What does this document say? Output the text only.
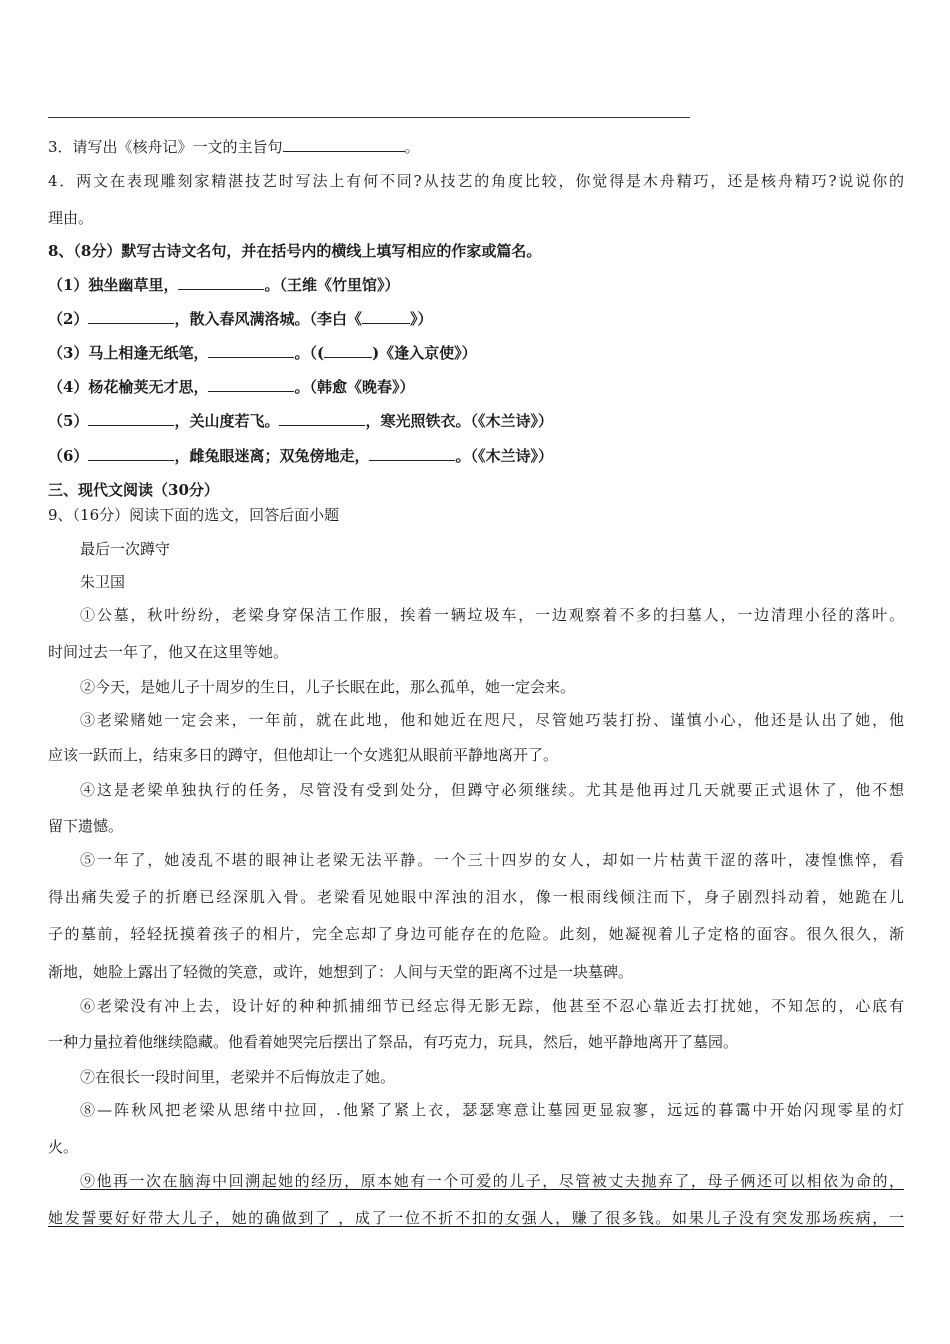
3．请写出《核舟记》一文的主旨句	。
4．两文在表现雕刻家精湛技艺时写法上有何不同?从技艺的角度比较，你觉得是木舟精巧，还是核舟精巧?说说你的
理由。
8、（8分）默写古诗文名句，并在括号内的横线上填写相应的作家或篇名。
（1）独坐幽草里，	。（王维《竹里馆》）
（2）	，散入春风满洛城。（李白《	》）
（3）马上相逢无纸笔，	。（(	)《逢入京使》）
（4）杨花榆荚无才思，	。（韩愈《晚春》）
（5）	，关山度若飞。	，寒光照铁衣。（《木兰诗》）
（6）	，雌兔眼迷离；双兔傍地走，	。（《木兰诗》）
三、现代文阅读（30分）
9、（16分）阅读下面的选文，回答后面小题
最后一次蹲守
朱卫国
①公墓，秋叶纷纷，老梁身穿保洁工作服，挨着一辆垃圾车，一边观察着不多的扫墓人，一边清理小径的落叶。
时间过去一年了，他又在这里等她。
②今天，是她儿子十周岁的生日，儿子长眠在此，那么孤单，她一定会来。
③老梁赌她一定会来，一年前，就在此地，他和她近在咫尺，尽管她巧装打扮、谨慎小心，他还是认出了她，他
应该一跃而上，结束多日的蹲守，但他却让一个女逃犯从眼前平静地离开了。
④这是老梁单独执行的任务，尽管没有受到处分，但蹲守必须继续。尤其是他再过几天就要正式退休了，他不想
留下遗憾。
⑤一年了，她凌乱不堪的眼神让老梁无法平静。一个三十四岁的女人，却如一片枯黄干涩的落叶，凄惶憔悴，看
得出痛失爱子的折磨已经深肌入骨。老梁看见她眼中浑浊的泪水，像一根雨线倾注而下，身子剧烈抖动着，她跪在儿
子的墓前，轻轻抚摸着孩子的相片，完全忘却了身边可能存在的危险。此刻，她凝视着儿子定格的面容。很久很久，渐
渐地，她脸上露出了轻微的笑意，或许，她想到了：人间与天堂的距离不过是一块墓碑。
⑥老梁没有冲上去，设计好的种种抓捕细节已经忘得无影无踪，他甚至不忍心靠近去打扰她，不知怎的，心底有
一种力量拉着他继续隐藏。他看着她哭完后摆出了祭品，有巧克力，玩具，然后，她平静地离开了墓园。
⑦在很长一段时间里，老梁并不后悔放走了她。
⑧—阵秋风把老梁从思绪中拉回，.他紧了紧上衣，瑟瑟寒意让墓园更显寂寥，远远的暮霭中开始闪现零星的灯
火。
⑨他再一次在脑海中回溯起她的经历，原本她有一个可爱的儿子，尽管被丈夫抛弃了，母子俩还可以相依为命的，
她发誓要好好带大儿子，她的确做到了 ，成了一位不折不扣的女强人，赚了很多钱。如果儿子没有突发那场疾病，一
